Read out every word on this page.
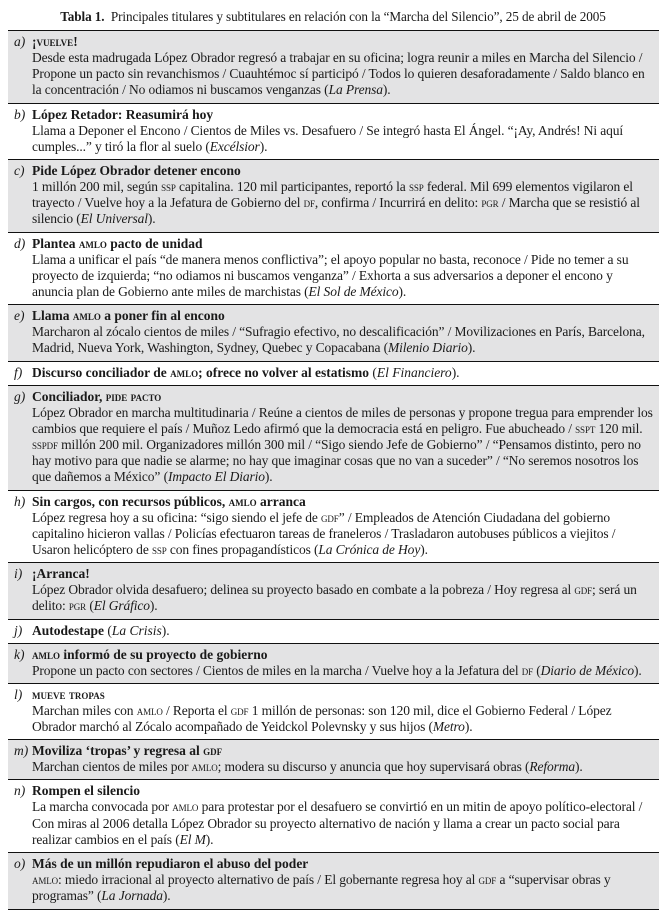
Tabla 1. Principales titulares y subtitulares en relación con la “Marcha del Silencio”, 25 de abril de 2005
a) ¡vuelve!
Desde esta madrugada López Obrador regresó a trabajar en su oficina; logra reunir a miles en Marcha del Silencio / Propone un pacto sin revanchismos / Cuauhtémoc sí participó / Todos lo quieren desaforadamente / Saldo blanco en la concentración / No odiamos ni buscamos venganzas (La Prensa).
b) López Retador: Reasumirá hoy
Llama a Deponer el Encono / Cientos de Miles vs. Desafuero / Se integró hasta El Ángel. “¡Ay, Andrés! Ni aquí cumples...” y tiró la flor al suelo (Excélsior).
c) Pide López Obrador detener encono
1 millón 200 mil, según ssp capitalina. 120 mil participantes, reportó la ssp federal. Mil 699 elementos vigilaron el trayecto / Vuelve hoy a la Jefatura de Gobierno del df, confirma / Incurrirá en delito: pgr / Marcha que se resistió al silencio (El Universal).
d) Plantea amlo pacto de unidad
Llama a unificar el país “de manera menos conflictiva”; el apoyo popular no basta, reconoce / Pide no temer a su proyecto de izquierda; “no odiamos ni buscamos venganza” / Exhorta a sus adversarios a deponer el encono y anuncia plan de Gobierno ante miles de marchistas (El Sol de México).
e) Llama amlo a poner fin al encono
Marcharon al zócalo cientos de miles / “Sufragio efectivo, no descalificación” / Movilizaciones en París, Barcelona, Madrid, Nueva York, Washington, Sydney, Quebec y Copacabana (Milenio Diario).
f) Discurso conciliador de amlo; ofrece no volver al estatismo (El Financiero).
g) Conciliador, pide pacto
López Obrador en marcha multitudinaria / Reúne a cientos de miles de personas y propone tregua para emprender los cambios que requiere el país / Muñoz Ledo afirmó que la democracia está en peligro. Fue abucheado / sspt 120 mil. sspdf millón 200 mil. Organizadores millón 300 mil / “Sigo siendo Jefe de Gobierno” / “Pensamos distinto, pero no hay motivo para que nadie se alarme; no hay que imaginar cosas que no van a suceder” / “No seremos nosotros los que dañemos a México” (Impacto El Diario).
h) Sin cargos, con recursos públicos, amlo arranca
López regresa hoy a su oficina: “sigo siendo el jefe de gdf” / Empleados de Atención Ciudadana del gobierno capitalino hicieron vallas / Policías efectuaron tareas de franeleros / Trasladaron autobuses públicos a viejitos / Usaron helicóptero de ssp con fines propagandísticos (La Crónica de Hoy).
i) ¡Arranca!
López Obrador olvida desafuero; delinea su proyecto basado en combate a la pobreza / Hoy regresa al gdf; será un delito: pgr (El Gráfico).
j) Autodestape (La Crisis).
k) amlo informó de su proyecto de gobierno
Propone un pacto con sectores / Cientos de miles en la marcha / Vuelve hoy a la Jefatura del df (Diario de México).
l) mueve tropas
Marchan miles con amlo / Reporta el gdf 1 millón de personas: son 120 mil, dice el Gobierno Federal / López Obrador marchó al Zócalo acompañado de Yeidckol Polevnsky y sus hijos (Metro).
m) Moviliza ‘tropas’ y regresa al gdf
Marchan cientos de miles por amlo; modera su discurso y anuncia que hoy supervisará obras (Reforma).
n) Rompen el silencio
La marcha convocada por amlo para protestar por el desafuero se convirtió en un mitin de apoyo político-electoral / Con miras al 2006 detalla López Obrador su proyecto alternativo de nación y llama a crear un pacto social para realizar cambios en el país (El M).
o) Más de un millón repudiaron el abuso del poder
amlo: miedo irracional al proyecto alternativo de país / El gobernante regresa hoy al gdf a “supervisar obras y programas” (La Jornada).
